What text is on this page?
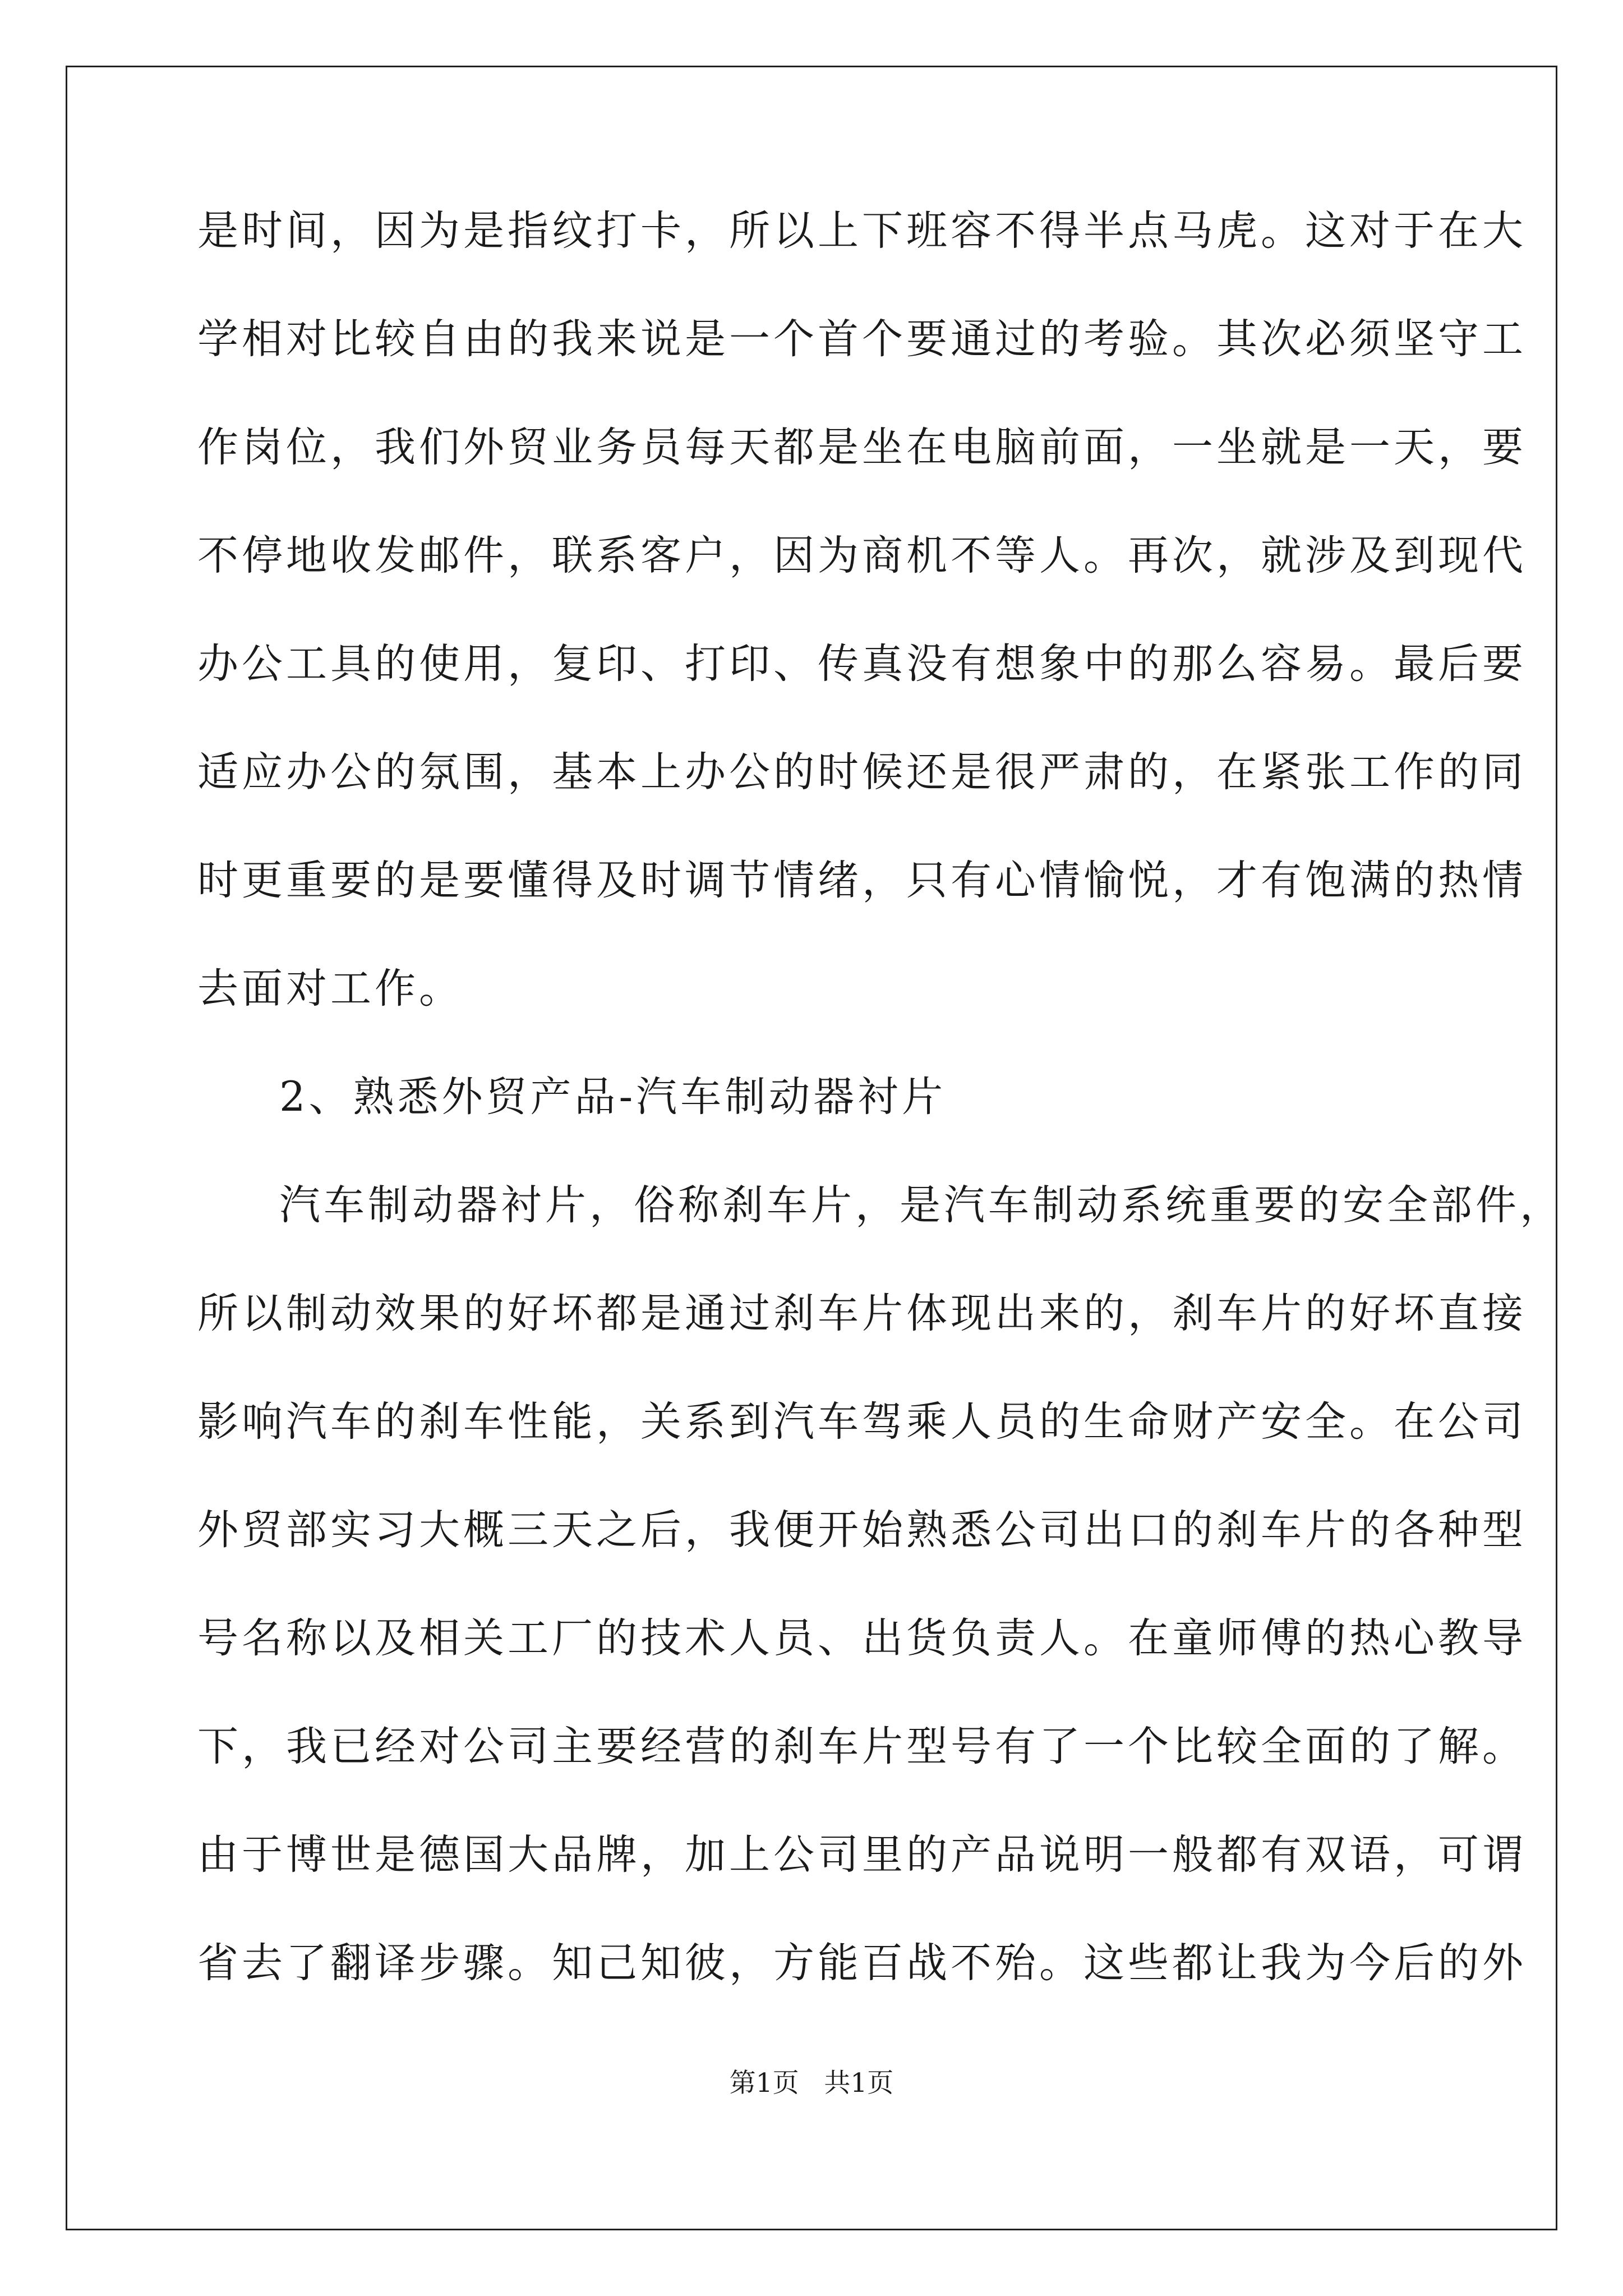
是时间，因为是指纹打卡，所以上下班容不得半点马虎。这对于在大
学相对比较自由的我来说是一个首个要通过的考验。其次必须坚守工
作岗位，我们外贸业务员每天都是坐在电脑前面，一坐就是一天，要
不停地收发邮件，联系客户，因为商机不等人。再次，就涉及到现代
办公工具的使用，复印、打印、传真没有想象中的那么容易。最后要
适应办公的氛围，基本上办公的时候还是很严肃的，在紧张工作的同
时更重要的是要懂得及时调节情绪，只有心情愉悦，才有饱满的热情
去面对工作。
2、熟悉外贸产品-汽车制动器衬片
汽车制动器衬片，俗称刹车片，是汽车制动系统重要的安全部件，
所以制动效果的好坏都是通过刹车片体现出来的，刹车片的好坏直接
影响汽车的刹车性能，关系到汽车驾乘人员的生命财产安全。在公司
外贸部实习大概三天之后，我便开始熟悉公司出口的刹车片的各种型
号名称以及相关工厂的技术人员、出货负责人。在童师傅的热心教导
下，我已经对公司主要经营的刹车片型号有了一个比较全面的了解。
由于博世是德国大品牌，加上公司里的产品说明一般都有双语，可谓
省去了翻译步骤。知己知彼，方能百战不殆。这些都让我为今后的外
第1页   共1页
